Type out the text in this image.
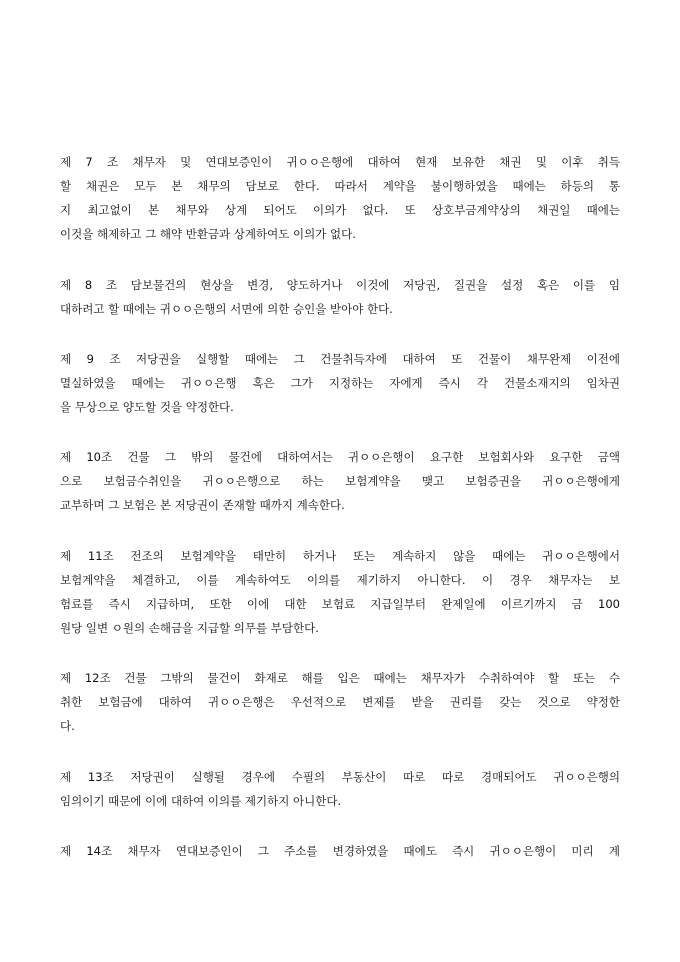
제 7 조 채무자 및 연대보증인이 귀ㅇㅇ은행에 대하여 현재 보유한 채권 및 이후 취득
할 채권은 모두 본 채무의 담보로 한다. 따라서 계약을 불이행하였을 때에는 하등의 통
지 최고없이 본 채무와 상계 되어도 이의가 없다. 또 상호부금계약상의 채권일 때에는
이것을 해제하고 그 해약 반환금과 상계하여도 이의가 없다.
제 8 조 담보물건의 현상을 변경, 양도하거나 이것에 저당권, 질권을 설정 혹은 이를 임
대하려고 할 때에는 귀ㅇㅇ은행의 서면에 의한 승인을 받아야 한다.
제 9 조 저당권을 실행할 때에는 그 건물취득자에 대하여 또 건물이 채무완제 이전에
멸실하였을 때에는 귀ㅇㅇ은행 혹은 그가 지정하는 자에게 즉시 각 건물소재지의 임차권
을 무상으로 양도할 것을 약정한다.
제 10조 건물 그 밖의 물건에 대하여서는 귀ㅇㅇ은행이 요구한 보험회사와 요구한 금액
으로 보험금수취인을 귀ㅇㅇ은행으로 하는 보험계약을 맺고 보험증권을 귀ㅇㅇ은행에게
교부하며 그 보험은 본 저당권이 존재할 때까지 계속한다.
제 11조 전조의 보험계약을 태만히 하거나 또는 계속하지 않을 때에는 귀ㅇㅇ은행에서
보험계약을 체결하고, 이를 계속하여도 이의를 제기하지 아니한다. 이 경우 채무자는 보
험료를 즉시 지급하며, 또한 이에 대한 보험료 지급일부터 완제일에 이르기까지 금 100
원당 일변 ㅇ원의 손해금을 지급할 의무를 부담한다.
제 12조 건물 그밖의 물건이 화재로 해를 입은 때에는 채무자가 수취하여야 할 또는 수
취한 보험금에 대하여 귀ㅇㅇ은행은 우선적으로 변제를 받을 권리를 갖는 것으로 약정한
다.
제 13조 저당권이 실행될 경우에 수필의 부동산이 따로 따로 경매되어도 귀ㅇㅇ은행의
임의이기 때문에 이에 대하여 이의를 제기하지 아니한다.
제 14조 채무자 연대보증인이 그 주소를 변경하였을 때에도 즉시 귀ㅇㅇ은행이 미리 계
